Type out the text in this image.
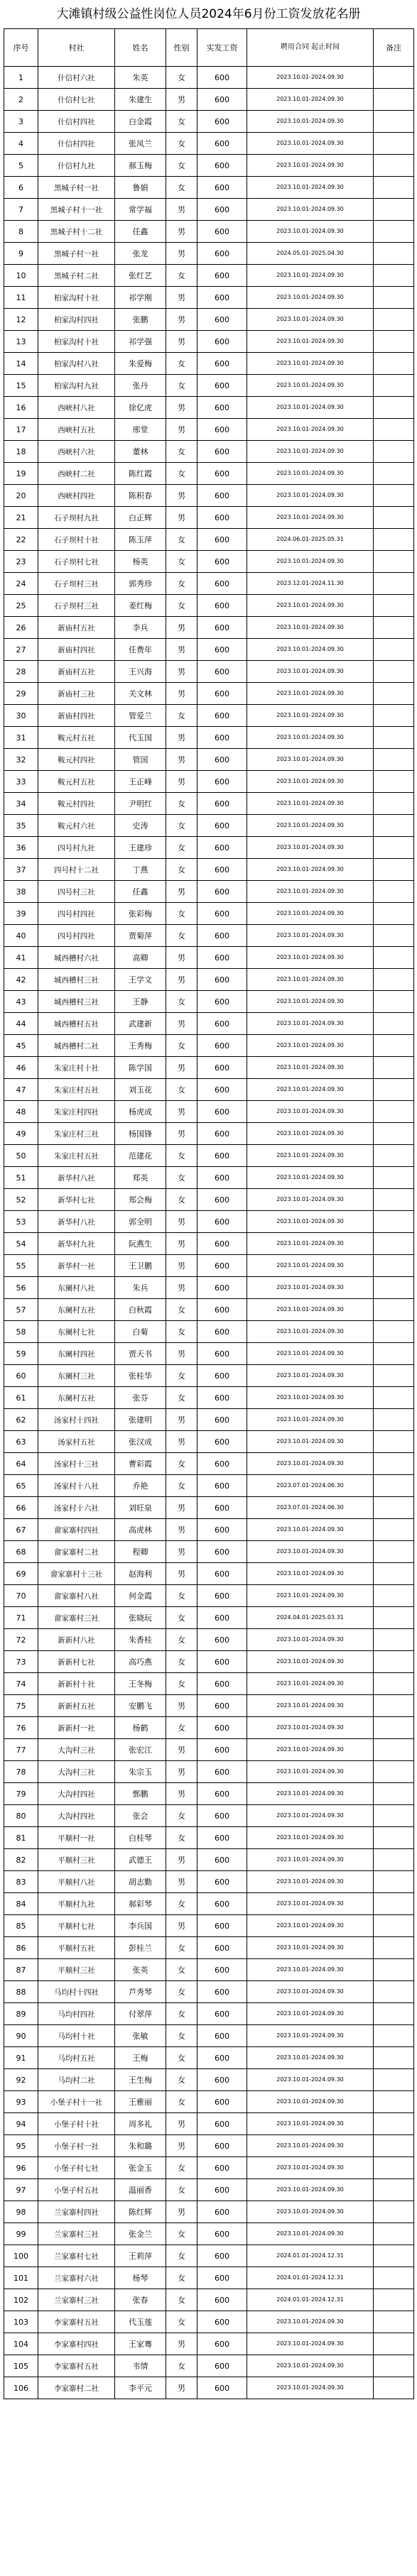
大滩镇村级公益性岗位人员2024年6月份工资发放花名册
序号	村社	姓名	性别	实发工资	聘用合同 起止时间	备注
1	什信村六社	朱英	女	600	2023.10.01-2024.09.30	
2	什信村七社	朱建生	男	600	2023.10.01-2024.09.30	
3	什信村四社	白金霞	女	600	2023.10.01-2024.09.30	
4	什信村四社	张凤兰	女	600	2023.10.01-2024.09.30	
5	什信村九社	郝玉梅	女	600	2023.10.01-2024.09.30	
6	黑城子村一社	鲁娟	女	600	2023.10.01-2024.09.30	
7	黑城子村十一社	常学福	男	600	2023.10.01-2024.09.30	
8	黑城子村十二社	任鑫	男	600	2023.10.01-2024.09.30	
9	黑城子村一社	张龙	男	600	2024.05.01-2025.04.30	
10	黑城子村二社	张红艺	女	600	2023.10.01-2024.09.30	
11	柏家沟村十社	祁学刚	男	600	2023.10.01-2024.09.30	
12	柏家沟村四社	张鹏	男	600	2023.10.01-2024.09.30	
13	柏家沟村十社	祁学强	男	600	2023.10.01-2024.09.30	
14	柏家沟村八社	朱爱梅	女	600	2023.10.01-2024.09.30	
15	柏家沟村九社	张丹	女	600	2023.10.01-2024.09.30	
16	西峡村八社	徐亿虎	男	600	2023.10.01-2024.09.30	
17	西峡村五社	邢堂	男	600	2023.10.01-2024.09.30	
18	西峡村六社	董林	女	600	2023.10.01-2024.09.30	
19	西峡村二社	陈红霞	女	600	2023.10.01-2024.09.30	
20	西峡村四社	陈积春	男	600	2023.10.01-2024.09.30	
21	石子坝村九社	白正辉	男	600	2023.10.01-2024.09.30	
22	石子坝村十社	陈玉萍	女	600	2024.06.01-2025.05.31	
23	石子坝村七社	杨英	女	600	2023.10.01-2024.09.30	
24	石子坝村三社	郭秀珍	女	600	2023.12.01-2024.11.30	
25	石子坝村三社	姜红梅	女	600	2023.10.01-2024.09.30	
26	新庙村五社	李兵	男	600	2023.10.01-2024.09.30	
27	新庙村四社	任费年	男	600	2023.10.01-2024.09.30	
28	新庙村五社	王兴海	男	600	2023.10.01-2024.09.30	
29	新庙村三社	关文林	男	600	2023.10.01-2024.09.30	
30	新庙村四社	管爱兰	女	600	2023.10.01-2024.09.30	
31	鞍元村五社	代玉国	男	600	2023.10.01-2024.09.30	
32	鞍元村四社	管国	男	600	2023.10.01-2024.09.30	
33	鞍元村五社	王正峰	男	600	2023.10.01-2024.09.30	
34	鞍元村四社	尹明红	女	600	2023.10.01-2024.09.30	
35	鞍元村六社	史涛	女	600	2023.10.01-2024.09.30	
36	四号村九社	王建珍	女	600	2023.10.01-2024.09.30	
37	四号村十二社	丁燕	女	600	2023.10.01-2024.09.30	
38	四号村三社	任鑫	男	600	2023.10.01-2024.09.30	
39	四号村四社	张彩梅	女	600	2023.10.01-2024.09.30	
40	四号村四社	贾菊萍	女	600	2023.10.01-2024.09.30	
41	城西槽村六社	高卿	男	600	2023.10.01-2024.09.30	
42	城西槽村三社	王学文	男	600	2023.10.01-2024.09.30	
43	城西槽村三社	王静	女	600	2023.10.01-2024.09.30	
44	城西槽村五社	武建新	男	600	2023.10.01-2024.09.30	
45	城西槽村二社	王秀梅	女	600	2023.10.01-2024.09.30	
46	朱家庄村十社	陈学国	男	600	2023.10.01-2024.09.30	
47	朱家庄村五社	刘玉花	女	600	2023.10.01-2024.09.30	
48	朱家庄村四社	杨虎成	男	600	2023.10.01-2024.09.30	
49	朱家庄村三社	杨国锋	男	600	2023.10.01-2024.09.30	
50	朱家庄村五社	范建花	女	600	2023.10.01-2024.09.30	
51	新华村八社	郑英	女	600	2023.10.01-2024.09.30	
52	新华村七社	郑会梅	女	600	2023.10.01-2024.09.30	
53	新华村八社	郭全明	男	600	2023.10.01-2024.09.30	
54	新华村九社	阮燕生	男	600	2023.10.01-2024.09.30	
55	新华村一社	王卫鹏	男	600	2023.10.01-2024.09.30	
56	东阑村八社	朱兵	男	600	2023.10.01-2024.09.30	
57	东阑村五社	白秋霞	女	600	2023.10.01-2024.09.30	
58	东阑村七社	白菊	女	600	2023.10.01-2024.09.30	
59	东阑村四社	贾天书	男	600	2023.10.01-2024.09.30	
60	东阑村三社	张桂华	女	600	2023.10.01-2024.09.30	
61	东阑村五社	张芬	女	600	2023.10.01-2024.09.30	
62	汤家村十四社	张建明	男	600	2023.10.01-2024.09.30	
63	汤家村五社	张汉成	男	600	2023.10.01-2024.09.30	
64	汤家村十三社	曹彩霞	女	600	2023.10.01-2024.09.30	
65	汤家村十八社	乔艳	女	600	2023.07.01-2024.06.30	
66	汤家村十六社	刘旺泉	男	600	2023.07.01-2024.06.30	
67	畲家寨村四社	高虎林	男	600	2023.10.01-2024.09.30	
68	畲家寨村二社	程卿	男	600	2023.10.01-2024.09.30	
69	畲家寨村十三社	赵海利	男	600	2023.10.01-2024.09.30	
70	畲家寨村八社	何金霞	女	600	2023.10.01-2024.09.30	
71	畲家寨村三社	张晓玩	女	600	2024.04.01-2025.03.31	
72	新新村八社	朱香桂	女	600	2023.10.01-2024.09.30	
73	新新村七社	高巧燕	女	600	2023.10.01-2024.09.30	
74	新新村十社	王冬梅	女	600	2023.10.01-2024.09.30	
75	新新村五社	安鹏飞	男	600	2023.10.01-2024.09.30	
76	新新村一社	杨鹤	女	600	2023.10.01-2024.09.30	
77	大沟村三社	张宏江	男	600	2023.10.01-2024.09.30	
78	大沟村三社	朱宗玉	男	600	2023.10.01-2024.09.30	
79	大沟村四社	鄄鹏	男	600	2023.10.01-2024.09.30	
80	大沟村四社	张会	女	600	2023.10.01-2024.09.30	
81	平顺村一社	白桂琴	女	600	2023.10.01-2024.09.30	
82	平顺村三社	武德王	男	600	2023.10.01-2024.09.30	
83	平顺村八社	胡志勤	男	600	2023.10.01-2024.09.30	
84	平顺村九社	郝彩琴	女	600	2023.10.01-2024.09.30	
85	平顺村七社	李兵国	男	600	2023.10.01-2024.09.30	
86	平顺村五社	彭桂兰	女	600	2023.10.01-2024.09.30	
87	平顺村三社	张英	女	600	2023.10.01-2024.09.30	
88	马均村十四社	芦秀琴	女	600	2023.10.01-2024.09.30	
89	马均村四社	付翠萍	女	600	2023.10.01-2024.09.30	
90	马均村十社	张敏	女	600	2023.10.01-2024.09.30	
91	马均村五社	王梅	女	600	2023.10.01-2024.09.30	
92	马均村二社	王生梅	女	600	2023.10.01-2024.09.30	
93	小堡子村十一社	王雅丽	女	600	2023.10.01-2024.09.30	
94	小堡子村十社	周多礼	男	600	2023.10.01-2024.09.30	
95	小堡子村一社	朱和璐	男	600	2023.10.01-2024.09.30	
96	小堡子村七社	张金玉	女	600	2023.10.01-2024.09.30	
97	小堡子村五社	温丽香	女	600	2023.10.01-2024.09.30	
98	兰家寨村四社	陈红辉	男	600	2023.10.01-2024.09.30	
99	兰家寨村三社	张金兰	女	600	2023.10.01-2024.09.30	
100	兰家寨村七社	王莉萍	女	600	2024.01.01-2024.12.31	
101	兰家寨村六社	杨琴	女	600	2024.01.01-2024.12.31	
102	兰家寨村三社	张春	女	600	2024.01.01-2024.12.31	
103	李家寨村五社	代玉莲	女	600	2023.10.01-2024.09.30	
104	李家寨村四社	王家骞	男	600	2023.10.01-2024.09.30	
105	李家寨村五社	韦情	女	600	2023.10.01-2024.09.30	
106	李家寨村二社	李平元	男	600	2023.10.01-2024.09.30	
